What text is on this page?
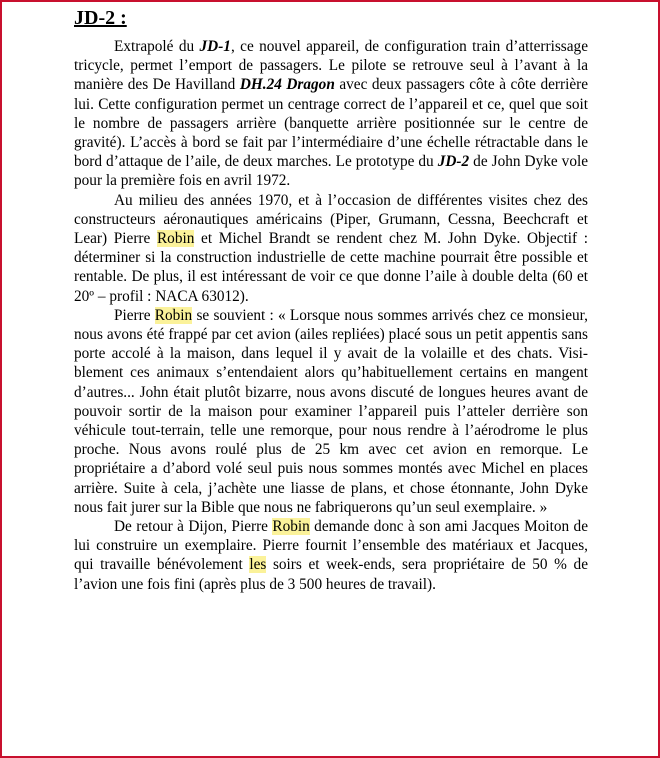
JD-2 :

Extrapolé du JD-1, ce nouvel appareil, de configuration train d’atterrissage tricycle, permet l’emport de passagers. Le pilote se retrouve seul à l’avant à la manière des De Havilland DH.24 Dragon avec deux passagers côte à côte derrière lui. Cette configuration permet un centrage correct de l’appareil et ce, quel que soit le nombre de passagers arrière (banquette arrière positionnée sur le centre de gravité). L’accès à bord se fait par l’intermédiaire d’une échelle rétractable dans le bord d’attaque de l’aile, de deux marches. Le prototype du JD-2 de John Dyke vole pour la première fois en avril 1972.

Au milieu des années 1970, et à l’occasion de différentes visites chez des constructeurs aéronautiques américains (Piper, Grumann, Cessna, Beechcraft et Lear) Pierre Robin et Michel Brandt se rendent chez M. John Dyke. Objectif : déterminer si la construction industrielle de cette machine pourrait être possible et rentable. De plus, il est intéressant de voir ce que donne l’aile à double delta (60 et 20º – profil : NACA 63012).

Pierre Robin se souvient : « Lorsque nous sommes arrivés chez ce monsieur, nous avons été frappé par cet avion (ailes repliées) placé sous un petit appentis sans porte accolé à la maison, dans lequel il y avait de la volaille et des chats. Visiblement ces animaux s’entendaient alors qu’habituellement certains en mangent d’autres... John était plutôt bizarre, nous avons discuté de longues heures avant de pouvoir sortir de la maison pour examiner l’appareil puis l’atteler derrière son véhicule tout-terrain, telle une remorque, pour nous rendre à l’aérodrome le plus proche. Nous avons roulé plus de 25 km avec cet avion en remorque. Le propriétaire a d’abord volé seul puis nous sommes montés avec Michel en places arrière. Suite à cela, j’achète une liasse de plans, et chose étonnante, John Dyke nous fait jurer sur la Bible que nous ne fabriquerons qu’un seul exemplaire. »

De retour à Dijon, Pierre Robin demande donc à son ami Jacques Moiton de lui construire un exemplaire. Pierre fournit l’ensemble des matériaux et Jacques, qui travaille bénévolement les soirs et week-ends, sera propriétaire de 50 % de l’avion une fois fini (après plus de 3 500 heures de travail).
